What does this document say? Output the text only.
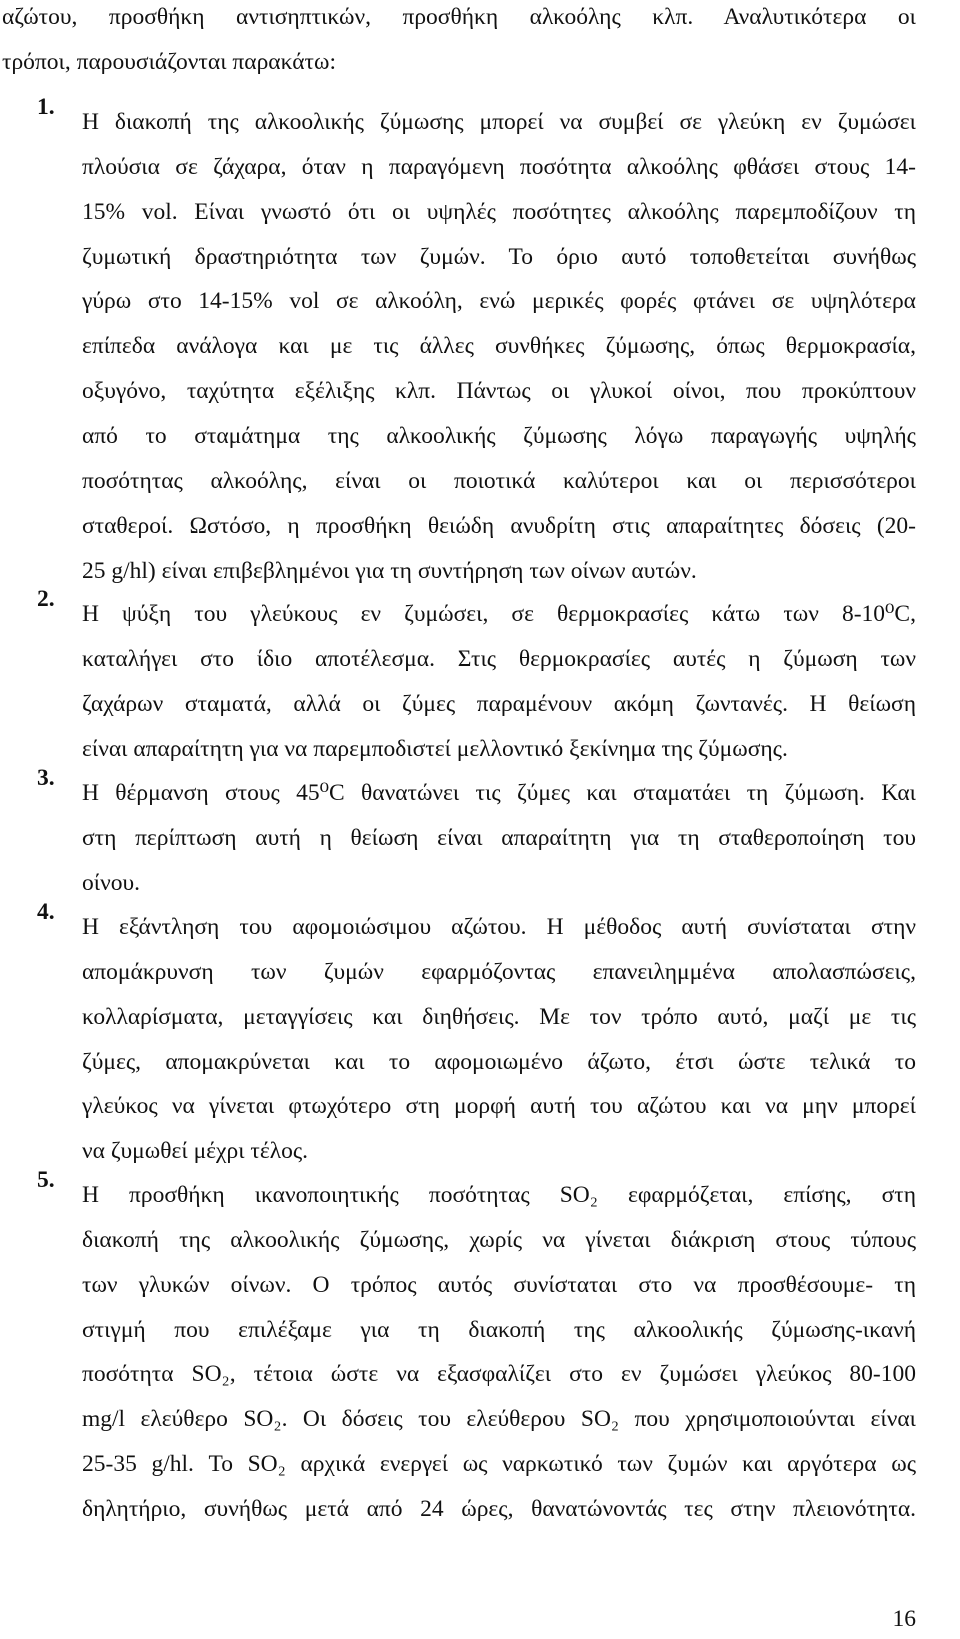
αζώτου, προσθήκη αντισηπτικών, προσθήκη αλκοόλης κλπ. Αναλυτικότερα οι

τρόποι, παρουσιάζονται παρακάτω:

1.

Η διακοπή της αλκοολικής ζύμωσης μπορεί να συμβεί σε γλεύκη εν ζυμώσει

πλούσια σε ζάχαρα, όταν η παραγόμενη ποσότητα αλκοόλης φθάσει στους 14-

15% vol. Είναι γνωστό ότι οι υψηλές ποσότητες αλκοόλης παρεμποδίζουν τη

ζυμωτική δραστηριότητα των ζυμών. Το όριο αυτό τοποθετείται συνήθως

γύρω στο 14-15% vol σε αλκοόλη, ενώ μερικές φορές φτάνει σε υψηλότερα

επίπεδα ανάλογα και με τις άλλες συνθήκες ζύμωσης, όπως θερμοκρασία,

οξυγόνο, ταχύτητα εξέλιξης κλπ. Πάντως οι γλυκοί οίνοι, που προκύπτουν

από το σταμάτημα της αλκοολικής ζύμωσης λόγω παραγωγής υψηλής

ποσότητας αλκοόλης, είναι οι ποιοτικά καλύτεροι και οι περισσότεροι

σταθεροί. Ωστόσο, η προσθήκη θειώδη ανυδρίτη στις απαραίτητες δόσεις (20-

25 g/hl) είναι επιβεβλημένοι για τη συντήρηση των οίνων αυτών.

2.

Η ψύξη του γλεύκους εν ζυμώσει, σε θερμοκρασίες κάτω των 8-10⁰C,

καταλήγει στο ίδιο αποτέλεσμα. Στις θερμοκρασίες αυτές η ζύμωση των

ζαχάρων σταματά, αλλά οι ζύμες παραμένουν ακόμη ζωντανές. Η θείωση

είναι απαραίτητη για να παρεμποδιστεί μελλοντικό ξεκίνημα της ζύμωσης.

3.

Η θέρμανση στους 45⁰C θανατώνει τις ζύμες και σταματάει τη ζύμωση. Και

στη περίπτωση αυτή η θείωση είναι απαραίτητη για τη σταθεροποίηση του

οίνου.

4.

Η εξάντληση του αφομοιώσιμου αζώτου. Η μέθοδος αυτή συνίσταται στην

απομάκρυνση των ζυμών εφαρμόζοντας επανειλημμένα απολασπώσεις,

κολλαρίσματα, μεταγγίσεις και διηθήσεις. Με τον τρόπο αυτό, μαζί με τις

ζύμες, απομακρύνεται και το αφομοιωμένο άζωτο, έτσι ώστε τελικά το

γλεύκος να γίνεται φτωχότερο στη μορφή αυτή του αζώτου και να μην μπορεί

να ζυμωθεί μέχρι τέλος.

5.

Η προσθήκη ικανοποιητικής ποσότητας SO₂ εφαρμόζεται, επίσης, στη

διακοπή της αλκοολικής ζύμωσης, χωρίς να γίνεται διάκριση στους τύπους

των γλυκών οίνων. Ο τρόπος αυτός συνίσταται στο να προσθέσουμε- τη

στιγμή που επιλέξαμε για τη διακοπή της αλκοολικής ζύμωσης-ικανή

ποσότητα SO₂, τέτοια ώστε να εξασφαλίζει στο εν ζυμώσει γλεύκος 80-100

mg/l ελεύθερο SO₂. Οι δόσεις του ελεύθερου SO₂ που χρησιμοποιούνται είναι

25-35 g/hl. Το SO₂ αρχικά ενεργεί ως ναρκωτικό των ζυμών και αργότερα ως

δηλητήριο, συνήθως μετά από 24 ώρες, θανατώνοντάς τες στην πλειονότητα.

16
